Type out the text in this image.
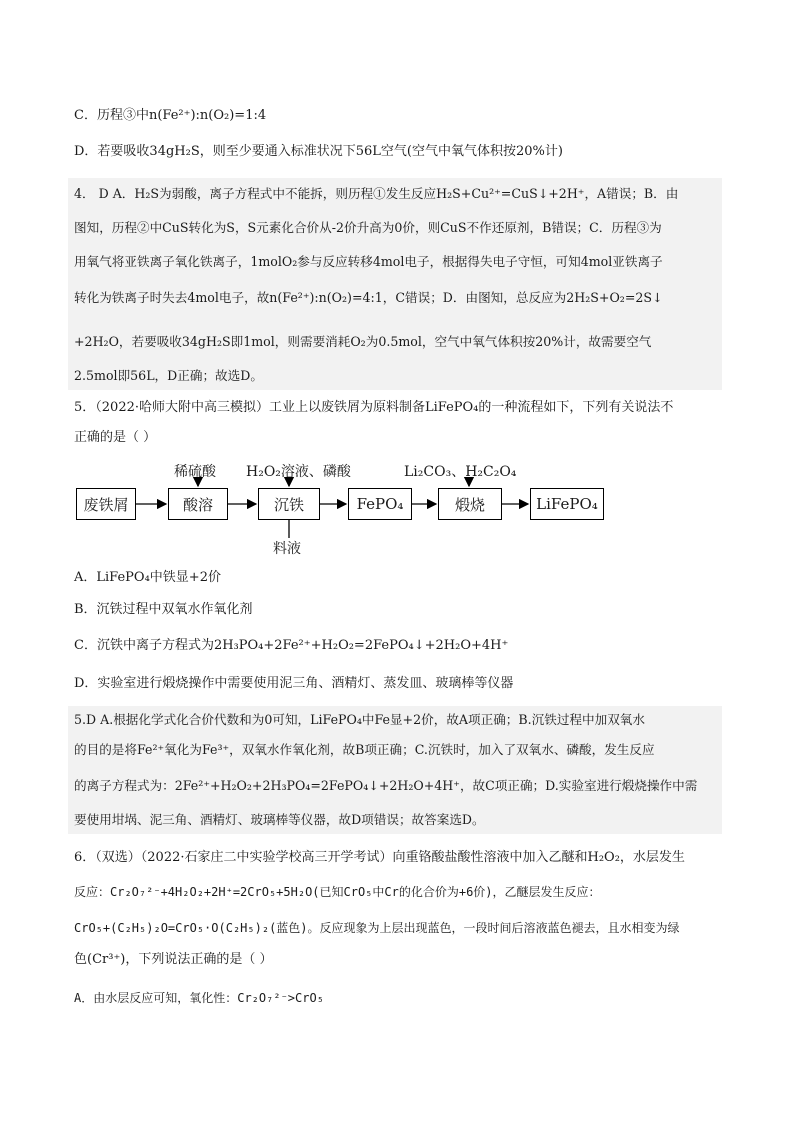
C．历程③中n(Fe²⁺):n(O₂)=1:4
D．若要吸收34gH₂S，则至少要通入标准状况下56L空气(空气中氧气体积按20%计)
4． D A．H₂S为弱酸，离子方程式中不能拆，则历程①发生反应H₂S+Cu²⁺=CuS↓+2H⁺，A错误；B．由
图知，历程②中CuS转化为S，S元素化合价从-2价升高为0价，则CuS不作还原剂，B错误；C．历程③为
用氧气将亚铁离子氧化铁离子，1molO₂参与反应转移4mol电子，根据得失电子守恒，可知4mol亚铁离子
转化为铁离子时失去4mol电子，故n(Fe²⁺):n(O₂)=4:1，C错误；D．由图知，总反应为2H₂S+O₂=2S↓
+2H₂O，若要吸收34gH₂S即1mol，则需要消耗O₂为0.5mol，空气中氧气体积按20%计，故需要空气
2.5mol即56L，D正确；故选D。
5．（2022·哈师大附中高三模拟）工业上以废铁屑为原料制备LiFePO₄的一种流程如下，下列有关说法不
正确的是（ ）
稀硫酸 H₂O₂溶液、磷酸	Li₂CO₃、H₂C₂O₄
废铁屑	酸溶	沉铁	FePO₄	煅烧	LiFePO₄
料液
A．LiFePO₄中铁显+2价
B．沉铁过程中双氧水作氧化剂
C．沉铁中离子方程式为2H₃PO₄+2Fe²⁺+H₂O₂=2FePO₄↓+2H₂O+4H⁺
D．实验室进行煅烧操作中需要使用泥三角、酒精灯、蒸发皿、玻璃棒等仪器
5.D A.根据化学式化合价代数和为0可知，LiFePO₄中Fe显+2价，故A项正确；B.沉铁过程中加双氧水
的目的是将Fe²⁺氧化为Fe³⁺，双氧水作氧化剂，故B项正确；C.沉铁时，加入了双氧水、磷酸，发生反应
的离子方程式为：2Fe²⁺+H₂O₂+2H₃PO₄=2FePO₄↓+2H₂O+4H⁺，故C项正确；D.实验室进行煅烧操作中需
要使用坩埚、泥三角、酒精灯、玻璃棒等仪器，故D项错误；故答案选D。
6．（双选）（2022·石家庄二中实验学校高三开学考试）向重铬酸盐酸性溶液中加入乙醚和H₂O₂，水层发生
反应：Cr₂O₇²⁻+4H₂O₂+2H⁺=2CrO₅+5H₂O(已知CrO₅中Cr的化合价为+6价)，乙醚层发生反应：
CrO₅+(C₂H₅)₂O=CrO₅·O(C₂H₅)₂(蓝色)。反应现象为上层出现蓝色，一段时间后溶液蓝色褪去，且水相变为绿
色(Cr³⁺)，下列说法正确的是（ ）
A．由水层反应可知，氧化性：Cr₂O₇²⁻>CrO₅
